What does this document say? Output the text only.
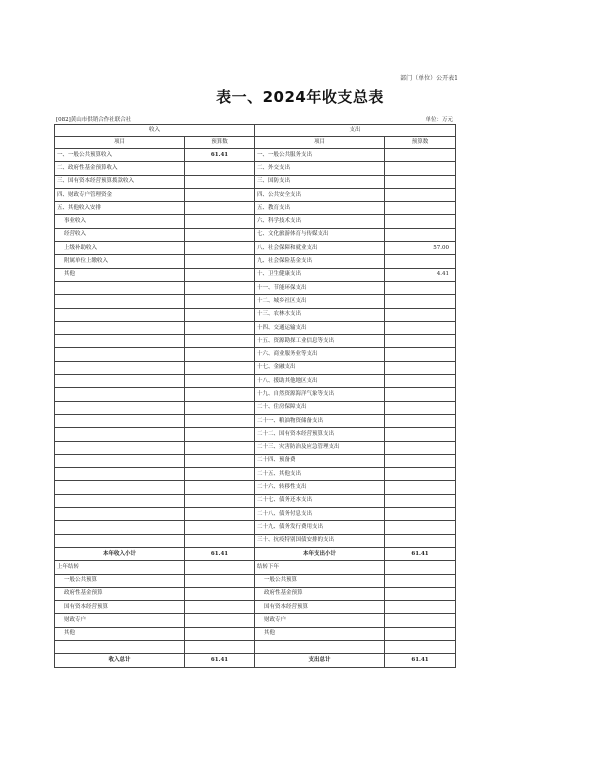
部门（单位）公开表1
表一、2024年收支总表
[082]黄山市供销合作社联合社	单位：万元
收入		支出	
项目	预算数	项目	预算数
一、一般公共预算收入	61.41	一、一般公共服务支出	
二、政府性基金预算收入		二、外交支出	
三、国有资本经营预算拨款收入		三、国防支出	
四、财政专户管理资金		四、公共安全支出	
五、其他收入安排		五、教育支出	
事业收入		六、科学技术支出	
经营收入		七、文化旅游体育与传媒支出	
上级补助收入		八、社会保障和就业支出	57.00
附属单位上缴收入		九、社会保险基金支出	
其他		十、卫生健康支出	4.41
		十一、节能环保支出	
		十二、城乡社区支出	
		十三、农林水支出	
		十四、交通运输支出	
		十五、资源勘探工业信息等支出	
		十六、商业服务业等支出	
		十七、金融支出	
		十八、援助其他地区支出	
		十九、自然资源海洋气象等支出	
		二十、住房保障支出	
		二十一、粮油物资储备支出	
		二十二、国有资本经营预算支出	
		二十三、灾害防治及应急管理支出	
		二十四、预备费	
		二十五、其他支出	
		二十六、转移性支出	
		二十七、债务还本支出	
		二十八、债务付息支出	
		二十九、债务发行费用支出	
		三十、抗疫特别国债安排的支出	
本年收入小计	61.41	本年支出小计	61.41
上年结转		结转下年	
一般公共预算		一般公共预算	
政府性基金预算		政府性基金预算	
国有资本经营预算		国有资本经营预算	
财政专户		财政专户	
其他		其他	

收入总计	61.41	支出总计	61.41
